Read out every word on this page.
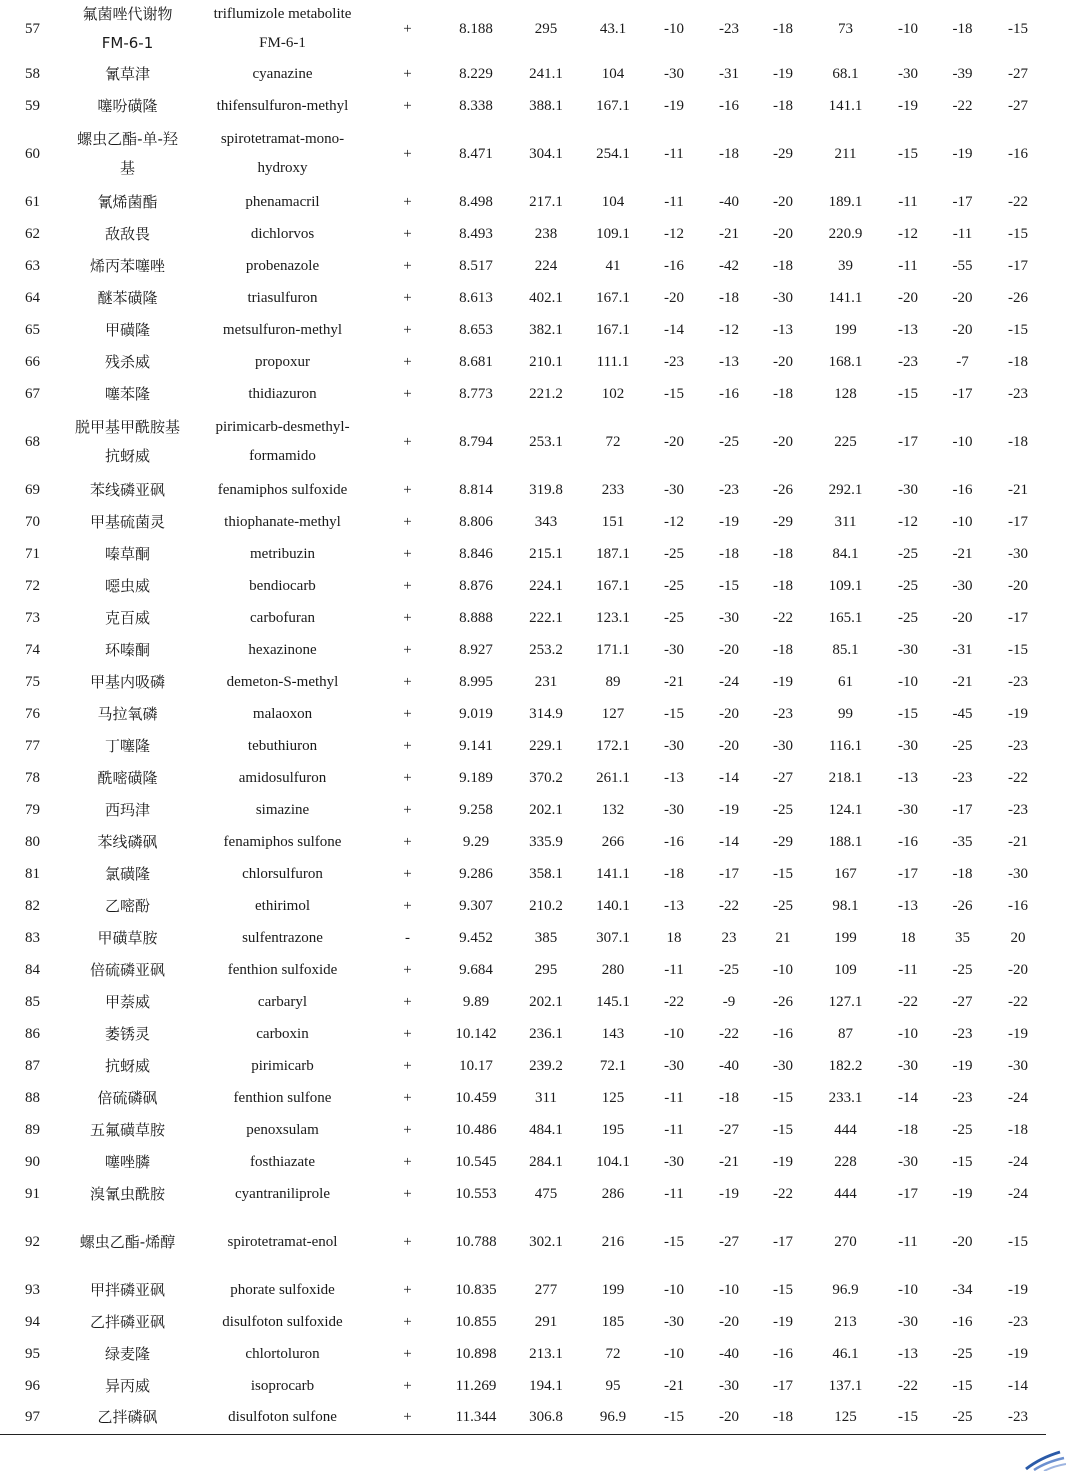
57	氟菌唑代谢物FM-6-1	triflumizole metabolite FM-6-1	+	8.188	295	43.1	-10	-23	-18	73	-10	-18	-15
58	氰草津	cyanazine	+	8.229	241.1	104	-30	-31	-19	68.1	-30	-39	-27
59	噻吩磺隆	thifensulfuron-methyl	+	8.338	388.1	167.1	-19	-16	-18	141.1	-19	-22	-27
60	螺虫乙酯-单-羟基	spirotetramat-mono-hydroxy	+	8.471	304.1	254.1	-11	-18	-29	211	-15	-19	-16
61	氰烯菌酯	phenamacril	+	8.498	217.1	104	-11	-40	-20	189.1	-11	-17	-22
62	敌敌畏	dichlorvos	+	8.493	238	109.1	-12	-21	-20	220.9	-12	-11	-15
63	烯丙苯噻唑	probenazole	+	8.517	224	41	-16	-42	-18	39	-11	-55	-17
64	醚苯磺隆	triasulfuron	+	8.613	402.1	167.1	-20	-18	-30	141.1	-20	-20	-26
65	甲磺隆	metsulfuron-methyl	+	8.653	382.1	167.1	-14	-12	-13	199	-13	-20	-15
66	残杀威	propoxur	+	8.681	210.1	111.1	-23	-13	-20	168.1	-23	-7	-18
67	噻苯隆	thidiazuron	+	8.773	221.2	102	-15	-16	-18	128	-15	-17	-23
68	脱甲基甲酰胺基抗蚜威	pirimicarb-desmethyl-formamido	+	8.794	253.1	72	-20	-25	-20	225	-17	-10	-18
69	苯线磷亚砜	fenamiphos sulfoxide	+	8.814	319.8	233	-30	-23	-26	292.1	-30	-16	-21
70	甲基硫菌灵	thiophanate-methyl	+	8.806	343	151	-12	-19	-29	311	-12	-10	-17
71	嗪草酮	metribuzin	+	8.846	215.1	187.1	-25	-18	-18	84.1	-25	-21	-30
72	噁虫威	bendiocarb	+	8.876	224.1	167.1	-25	-15	-18	109.1	-25	-30	-20
73	克百威	carbofuran	+	8.888	222.1	123.1	-25	-30	-22	165.1	-25	-20	-17
74	环嗪酮	hexazinone	+	8.927	253.2	171.1	-30	-20	-18	85.1	-30	-31	-15
75	甲基内吸磷	demeton-S-methyl	+	8.995	231	89	-21	-24	-19	61	-10	-21	-23
76	马拉氧磷	malaoxon	+	9.019	314.9	127	-15	-20	-23	99	-15	-45	-19
77	丁噻隆	tebuthiuron	+	9.141	229.1	172.1	-30	-20	-30	116.1	-30	-25	-23
78	酰嘧磺隆	amidosulfuron	+	9.189	370.2	261.1	-13	-14	-27	218.1	-13	-23	-22
79	西玛津	simazine	+	9.258	202.1	132	-30	-19	-25	124.1	-30	-17	-23
80	苯线磷砜	fenamiphos sulfone	+	9.29	335.9	266	-16	-14	-29	188.1	-16	-35	-21
81	氯磺隆	chlorsulfuron	+	9.286	358.1	141.1	-18	-17	-15	167	-17	-18	-30
82	乙嘧酚	ethirimol	+	9.307	210.2	140.1	-13	-22	-25	98.1	-13	-26	-16
83	甲磺草胺	sulfentrazone	-	9.452	385	307.1	18	23	21	199	18	35	20
84	倍硫磷亚砜	fenthion sulfoxide	+	9.684	295	280	-11	-25	-10	109	-11	-25	-20
85	甲萘威	carbaryl	+	9.89	202.1	145.1	-22	-9	-26	127.1	-22	-27	-22
86	萎锈灵	carboxin	+	10.142	236.1	143	-10	-22	-16	87	-10	-23	-19
87	抗蚜威	pirimicarb	+	10.17	239.2	72.1	-30	-40	-30	182.2	-30	-19	-30
88	倍硫磷砜	fenthion sulfone	+	10.459	311	125	-11	-18	-15	233.1	-14	-23	-24
89	五氟磺草胺	penoxsulam	+	10.486	484.1	195	-11	-27	-15	444	-18	-25	-18
90	噻唑膦	fosthiazate	+	10.545	284.1	104.1	-30	-21	-19	228	-30	-15	-24
91	溴氰虫酰胺	cyantraniliprole	+	10.553	475	286	-11	-19	-22	444	-17	-19	-24
92	螺虫乙酯-烯醇	spirotetramat-enol	+	10.788	302.1	216	-15	-27	-17	270	-11	-20	-15
93	甲拌磷亚砜	phorate sulfoxide	+	10.835	277	199	-10	-10	-15	96.9	-10	-34	-19
94	乙拌磷亚砜	disulfoton sulfoxide	+	10.855	291	185	-30	-20	-19	213	-30	-16	-23
95	绿麦隆	chlortoluron	+	10.898	213.1	72	-10	-40	-16	46.1	-13	-25	-19
96	异丙威	isoprocarb	+	11.269	194.1	95	-21	-30	-17	137.1	-22	-15	-14
97	乙拌磷砜	disulfoton sulfone	+	11.344	306.8	96.9	-15	-20	-18	125	-15	-25	-23
